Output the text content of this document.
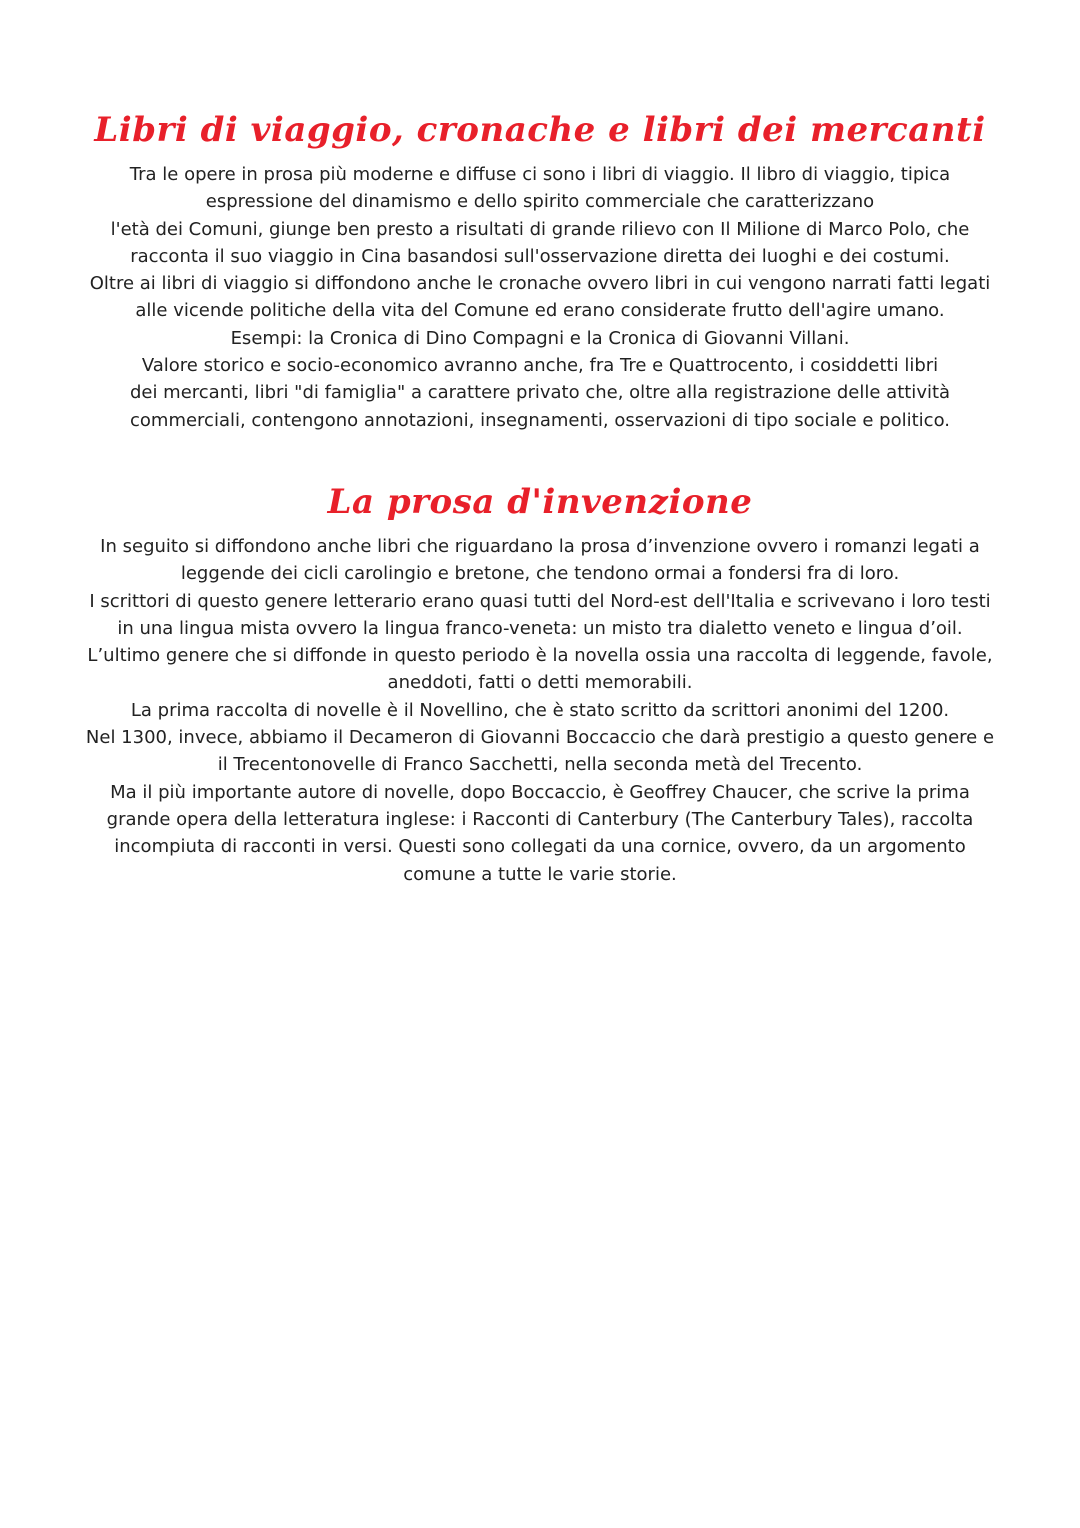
Libri di viaggio, cronache e libri dei mercanti
Tra le opere in prosa più moderne e diffuse ci sono i libri di viaggio. Il libro di viaggio, tipica
espressione del dinamismo e dello spirito commerciale che caratterizzano
l'età dei Comuni, giunge ben presto a risultati di grande rilievo con Il Milione di Marco Polo, che
racconta il suo viaggio in Cina basandosi sull'osservazione diretta dei luoghi e dei costumi.
Oltre ai libri di viaggio si diffondono anche le cronache ovvero libri in cui vengono narrati fatti legati
alle vicende politiche della vita del Comune ed erano considerate frutto dell'agire umano.
Esempi: la Cronica di Dino Compagni e la Cronica di Giovanni Villani.
Valore storico e socio-economico avranno anche, fra Tre e Quattrocento, i cosiddetti libri
dei mercanti, libri "di famiglia" a carattere privato che, oltre alla registrazione delle attività
commerciali, contengono annotazioni, insegnamenti, osservazioni di tipo sociale e politico.
La prosa d'invenzione
In seguito si diffondono anche libri che riguardano la prosa d’invenzione ovvero i romanzi legati a
leggende dei cicli carolingio e bretone, che tendono ormai a fondersi fra di loro.
I scrittori di questo genere letterario erano quasi tutti del Nord-est dell'Italia e scrivevano i loro testi
in una lingua mista ovvero la lingua franco-veneta: un misto tra dialetto veneto e lingua d’oil.
L’ultimo genere che si diffonde in questo periodo è la novella ossia una raccolta di leggende, favole,
aneddoti, fatti o detti memorabili.
La prima raccolta di novelle è il Novellino, che è stato scritto da scrittori anonimi del 1200.
Nel 1300, invece, abbiamo il Decameron di Giovanni Boccaccio che darà prestigio a questo genere e
il Trecentonovelle di Franco Sacchetti, nella seconda metà del Trecento.
Ma il più importante autore di novelle, dopo Boccaccio, è Geoffrey Chaucer, che scrive la prima
grande opera della letteratura inglese: i Racconti di Canterbury (The Canterbury Tales), raccolta
incompiuta di racconti in versi. Questi sono collegati da una cornice, ovvero, da un argomento
comune a tutte le varie storie.
